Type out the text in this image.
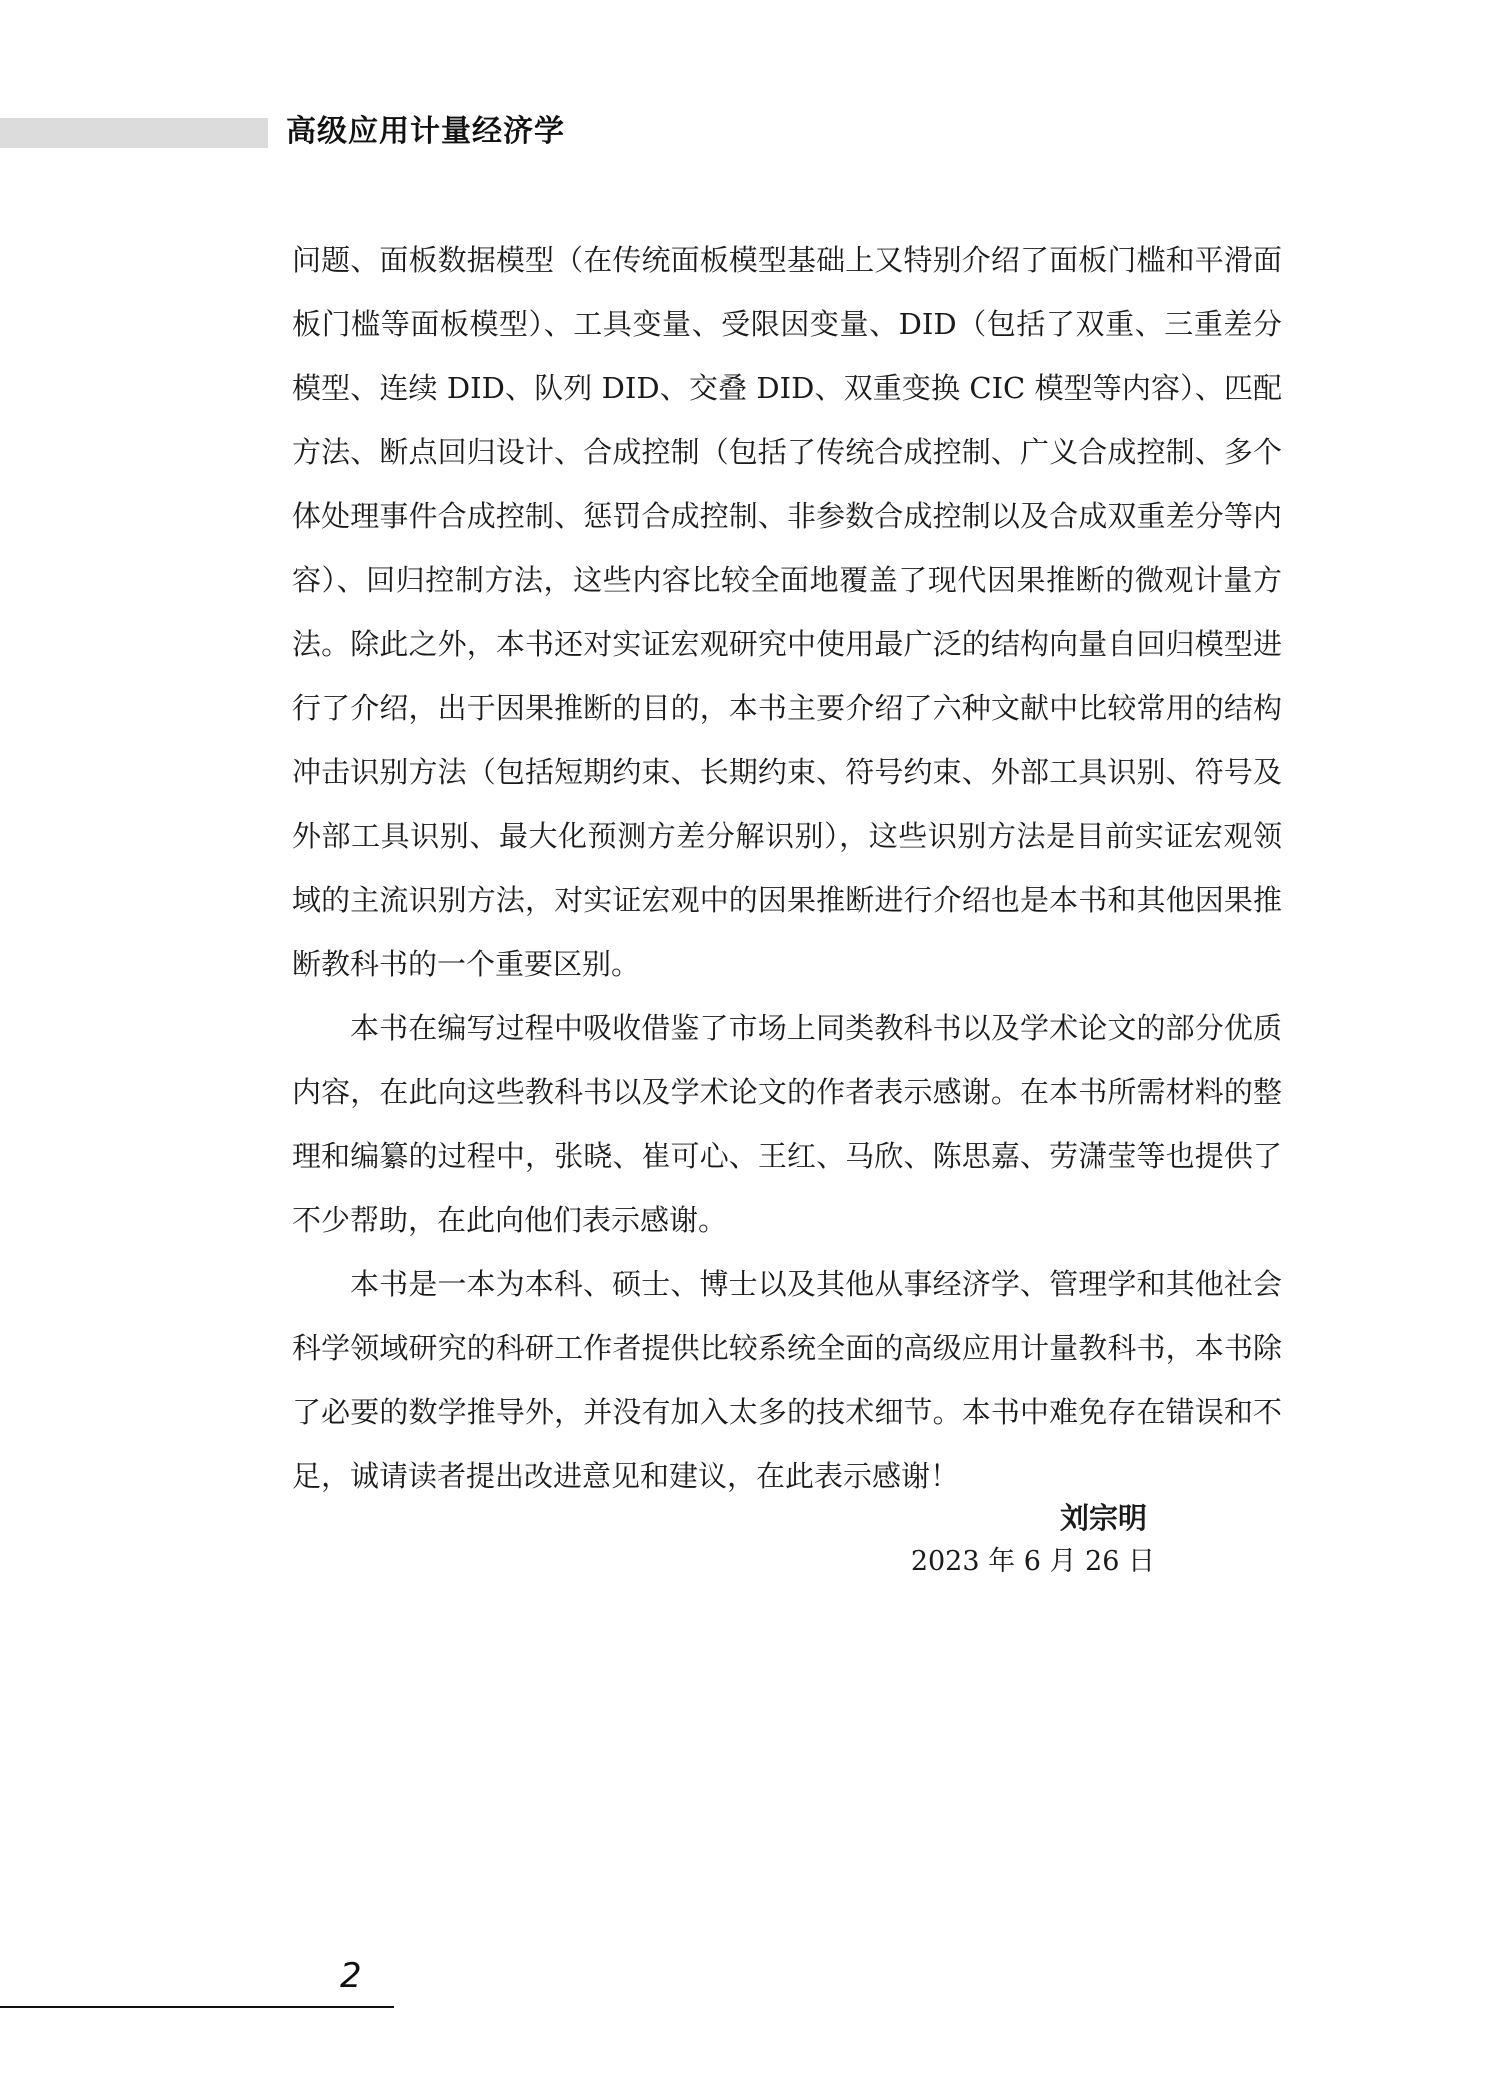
高级应用计量经济学

问题、面板数据模型（在传统面板模型基础上又特别介绍了面板门槛和平滑面板门槛等面板模型）、工具变量、受限因变量、DID（包括了双重、三重差分模型、连续 DID、队列 DID、交叠 DID、双重变换 CIC 模型等内容）、匹配方法、断点回归设计、合成控制（包括了传统合成控制、广义合成控制、多个体处理事件合成控制、惩罚合成控制、非参数合成控制以及合成双重差分等内容）、回归控制方法，这些内容比较全面地覆盖了现代因果推断的微观计量方法。除此之外，本书还对实证宏观研究中使用最广泛的结构向量自回归模型进行了介绍，出于因果推断的目的，本书主要介绍了六种文献中比较常用的结构冲击识别方法（包括短期约束、长期约束、符号约束、外部工具识别、符号及外部工具识别、最大化预测方差分解识别），这些识别方法是目前实证宏观领域的主流识别方法，对实证宏观中的因果推断进行介绍也是本书和其他因果推断教科书的一个重要区别。

本书在编写过程中吸收借鉴了市场上同类教科书以及学术论文的部分优质内容，在此向这些教科书以及学术论文的作者表示感谢。在本书所需材料的整理和编纂的过程中，张晓、崔可心、王红、马欣、陈思嘉、劳潇莹等也提供了不少帮助，在此向他们表示感谢。

本书是一本为本科、硕士、博士以及其他从事经济学、管理学和其他社会科学领域研究的科研工作者提供比较系统全面的高级应用计量教科书，本书除了必要的数学推导外，并没有加入太多的技术细节。本书中难免存在错误和不足，诚请读者提出改进意见和建议，在此表示感谢！

刘宗明
2023 年 6 月 26 日
2
